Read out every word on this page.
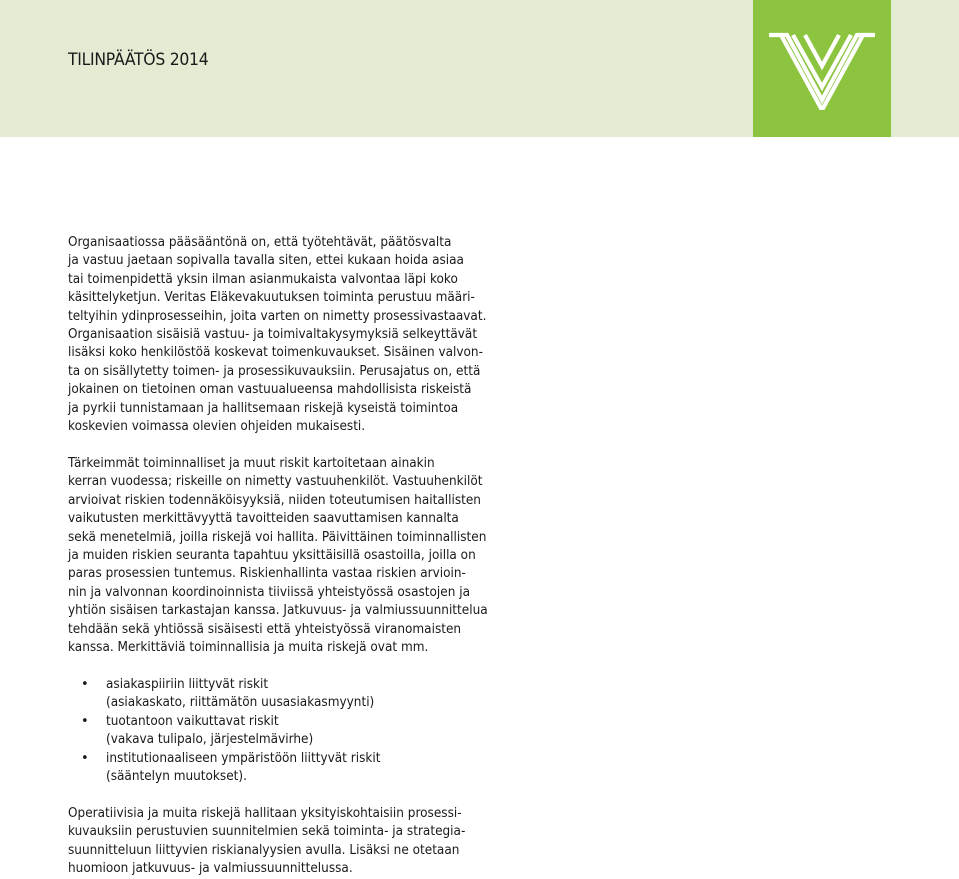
TILINPÄÄTÖS 2014
Organisaatiossa pääsääntönä on, että työtehtävät, päätösvalta
ja vastuu jaetaan sopivalla tavalla siten, ettei kukaan hoida asiaa
tai toimenpidettä yksin ilman asianmukaista valvontaa läpi koko
käsittelyketjun. Veritas Eläkevakuutuksen toiminta perustuu määri-
teltyihin ydinprosesseihin, joita varten on nimetty prosessivastaavat.
Organisaation sisäisiä vastuu- ja toimivaltakysymyksiä selkeyttävät
lisäksi koko henkilöstöä koskevat toimenkuvaukset. Sisäinen valvon-
ta on sisällytetty toimen- ja prosessikuvauksiin. Perusajatus on, että
jokainen on tietoinen oman vastuualueensa mahdollisista riskeistä
ja pyrkii tunnistamaan ja hallitsemaan riskejä kyseistä toimintoa
koskevien voimassa olevien ohjeiden mukaisesti.
Tärkeimmät toiminnalliset ja muut riskit kartoitetaan ainakin
kerran vuodessa; riskeille on nimetty vastuuhenkilöt. Vastuuhenkilöt
arvioivat riskien todennäköisyyksiä, niiden toteutumisen haitallisten
vaikutusten merkittävyyttä tavoitteiden saavuttamisen kannalta
sekä menetelmiä, joilla riskejä voi hallita. Päivittäinen toiminnallisten
ja muiden riskien seuranta tapahtuu yksittäisillä osastoilla, joilla on
paras prosessien tuntemus. Riskienhallinta vastaa riskien arvioin-
nin ja valvonnan koordinoinnista tiiviissä yhteistyössä osastojen ja
yhtiön sisäisen tarkastajan kanssa. Jatkuvuus- ja valmiussuunnittelua
tehdään sekä yhtiössä sisäisesti että yhteistyössä viranomaisten
kanssa. Merkittäviä toiminnallisia ja muita riskejä ovat mm.
• asiakaspiiriin liittyvät riskit
(asiakaskato, riittämätön uusasiakasmyynti)
• tuotantoon vaikuttavat riskit
(vakava tulipalo, järjestelmävirhe)
• institutionaaliseen ympäristöön liittyvät riskit
(sääntelyn muutokset).
Operatiivisia ja muita riskejä hallitaan yksityiskohtaisiin prosessi-
kuvauksiin perustuvien suunnitelmien sekä toiminta- ja strategia-
suunnitteluun liittyvien riskianalyysien avulla. Lisäksi ne otetaan
huomioon jatkuvuus- ja valmiussuunnittelussa.
